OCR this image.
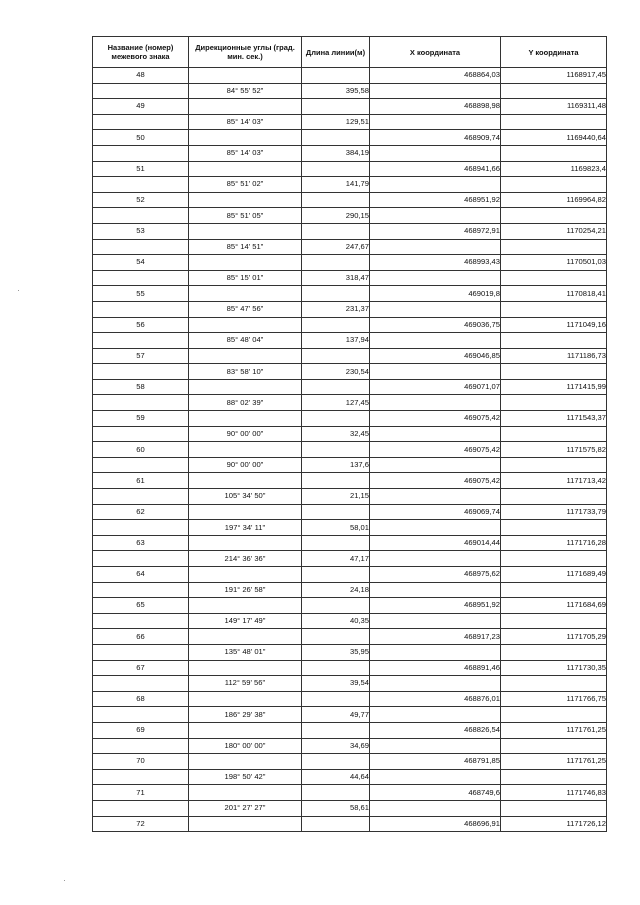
Название (номер) межевого знака	Дирекционные углы (град. мин. сек.)	Длина линии(м)	X координата	Y координата
48			468864,03	1168917,45
	84° 55' 52"	395,58		
49			468898,98	1169311,48
	85° 14' 03"	129,51		
50			468909,74	1169440,64
	85° 14' 03"	384,19		
51			468941,66	1169823,4
	85° 51' 02"	141,79		
52			468951,92	1169964,82
	85° 51' 05"	290,15		
53			468972,91	1170254,21
	85° 14' 51"	247,67		
54			468993,43	1170501,03
	85° 15' 01"	318,47		
55			469019,8	1170818,41
	85° 47' 56"	231,37		
56			469036,75	1171049,16
	85° 48' 04"	137,94		
57			469046,85	1171186,73
	83° 58' 10"	230,54		
58			469071,07	1171415,99
	88° 02' 39"	127,45		
59			469075,42	1171543,37
	90° 00' 00"	32,45		
60			469075,42	1171575,82
	90° 00' 00"	137,6		
61			469075,42	1171713,42
	105° 34' 50"	21,15		
62			469069,74	1171733,79
	197° 34' 11"	58,01		
63			469014,44	1171716,28
	214° 36' 36"	47,17		
64			468975,62	1171689,49
	191° 26' 58"	24,18		
65			468951,92	1171684,69
	149° 17' 49"	40,35		
66			468917,23	1171705,29
	135° 48' 01"	35,95		
67			468891,46	1171730,35
	112° 59' 56"	39,54		
68			468876,01	1171766,75
	186° 29' 38"	49,77		
69			468826,54	1171761,25
	180° 00' 00"	34,69		
70			468791,85	1171761,25
	198° 50' 42"	44,64		
71			468749,6	1171746,83
	201° 27' 27"	58,61		
72			468696,91	1171726,12
